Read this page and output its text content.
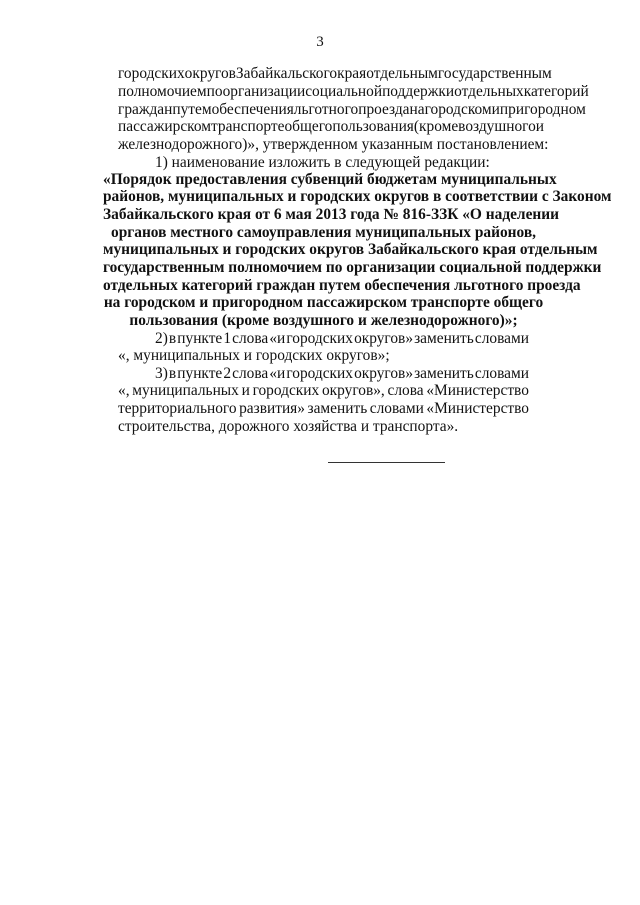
3
городских округов Забайкальского края отдельным государственным
полномочием по организации социальной поддержки отдельных категорий
граждан путем обеспечения льготного проезда на городском и пригородном
пассажирском транспорте общего пользования (кроме воздушного и
железнодорожного)», утвержденном указанным постановлением:
1) наименование изложить в следующей редакции:
«Порядок предоставления субвенций бюджетам муниципальных
районов, муниципальных и городских округов в соответствии с Законом
Забайкальского края от 6 мая 2013 года № 816-ЗЗК «О наделении
органов местного самоуправления муниципальных районов,
муниципальных и городских округов Забайкальского края отдельным
государственным полномочием по организации социальной поддержки
отдельных категорий граждан путем обеспечения льготного проезда
на городском и пригородном пассажирском транспорте общего
пользования (кроме воздушного и железнодорожного)»;
2) в пункте 1 слова «и городских округов» заменить словами
«, муниципальных и городских округов»;
3) в пункте 2 слова «и городских округов» заменить словами
«, муниципальных и городских округов», слова «Министерство
территориального развития» заменить словами «Министерство
строительства, дорожного хозяйства и транспорта».
